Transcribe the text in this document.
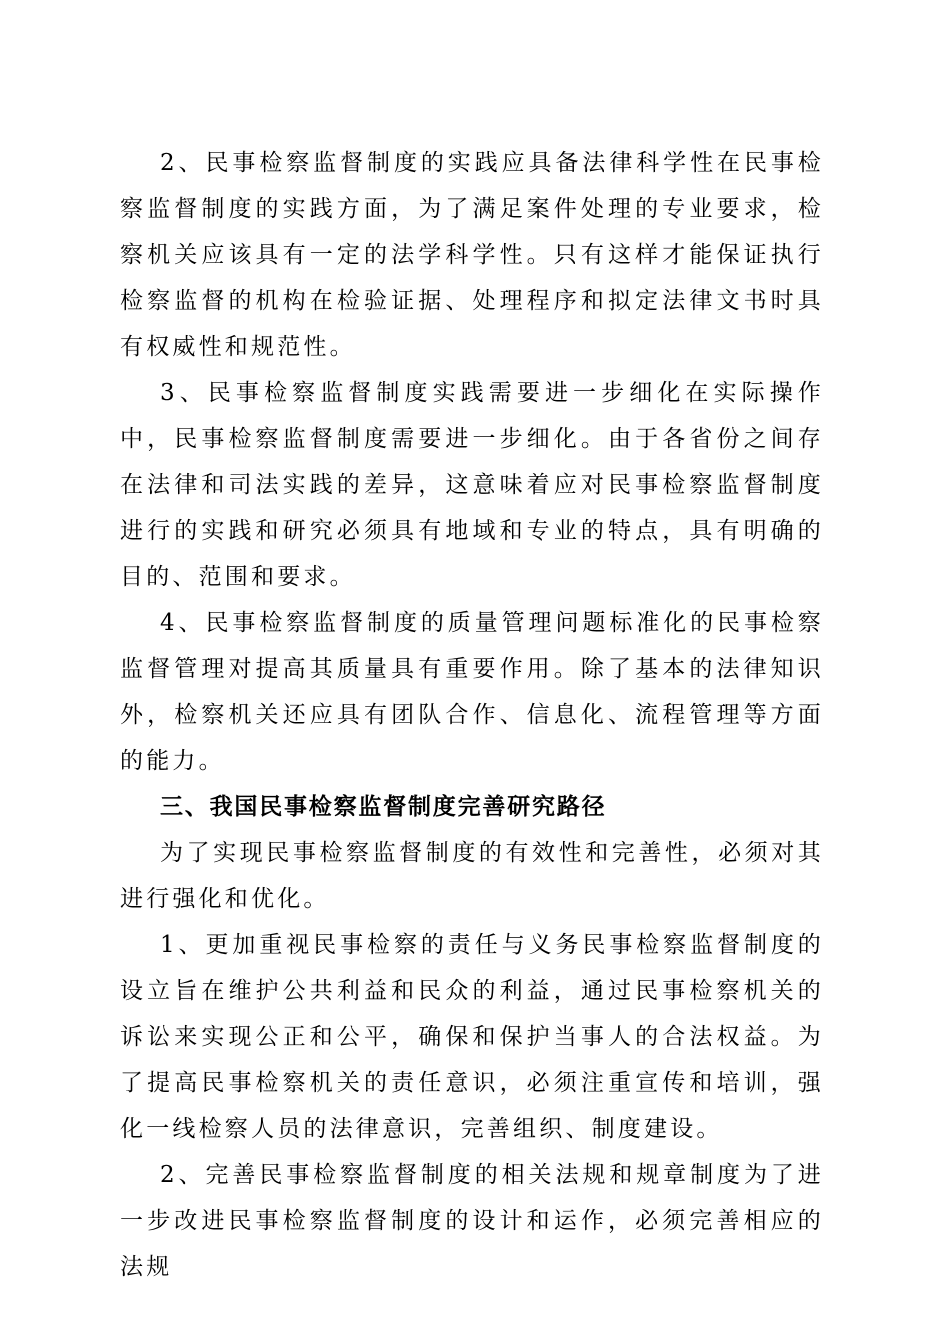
2、民事检察监督制度的实践应具备法律科学性在民事检察监督制度的实践方面，为了满足案件处理的专业要求，检察机关应该具有一定的法学科学性。只有这样才能保证执行检察监督的机构在检验证据、处理程序和拟定法律文书时具有权威性和规范性。

3、民事检察监督制度实践需要进一步细化在实际操作中，民事检察监督制度需要进一步细化。由于各省份之间存在法律和司法实践的差异，这意味着应对民事检察监督制度进行的实践和研究必须具有地域和专业的特点，具有明确的目的、范围和要求。

4、民事检察监督制度的质量管理问题标准化的民事检察监督管理对提高其质量具有重要作用。除了基本的法律知识外，检察机关还应具有团队合作、信息化、流程管理等方面的能力。

三、我国民事检察监督制度完善研究路径

为了实现民事检察监督制度的有效性和完善性，必须对其进行强化和优化。

1、更加重视民事检察的责任与义务民事检察监督制度的设立旨在维护公共利益和民众的利益，通过民事检察机关的诉讼来实现公正和公平，确保和保护当事人的合法权益。为了提高民事检察机关的责任意识，必须注重宣传和培训，强化一线检察人员的法律意识，完善组织、制度建设。

2、完善民事检察监督制度的相关法规和规章制度为了进一步改进民事检察监督制度的设计和运作，必须完善相应的法规
